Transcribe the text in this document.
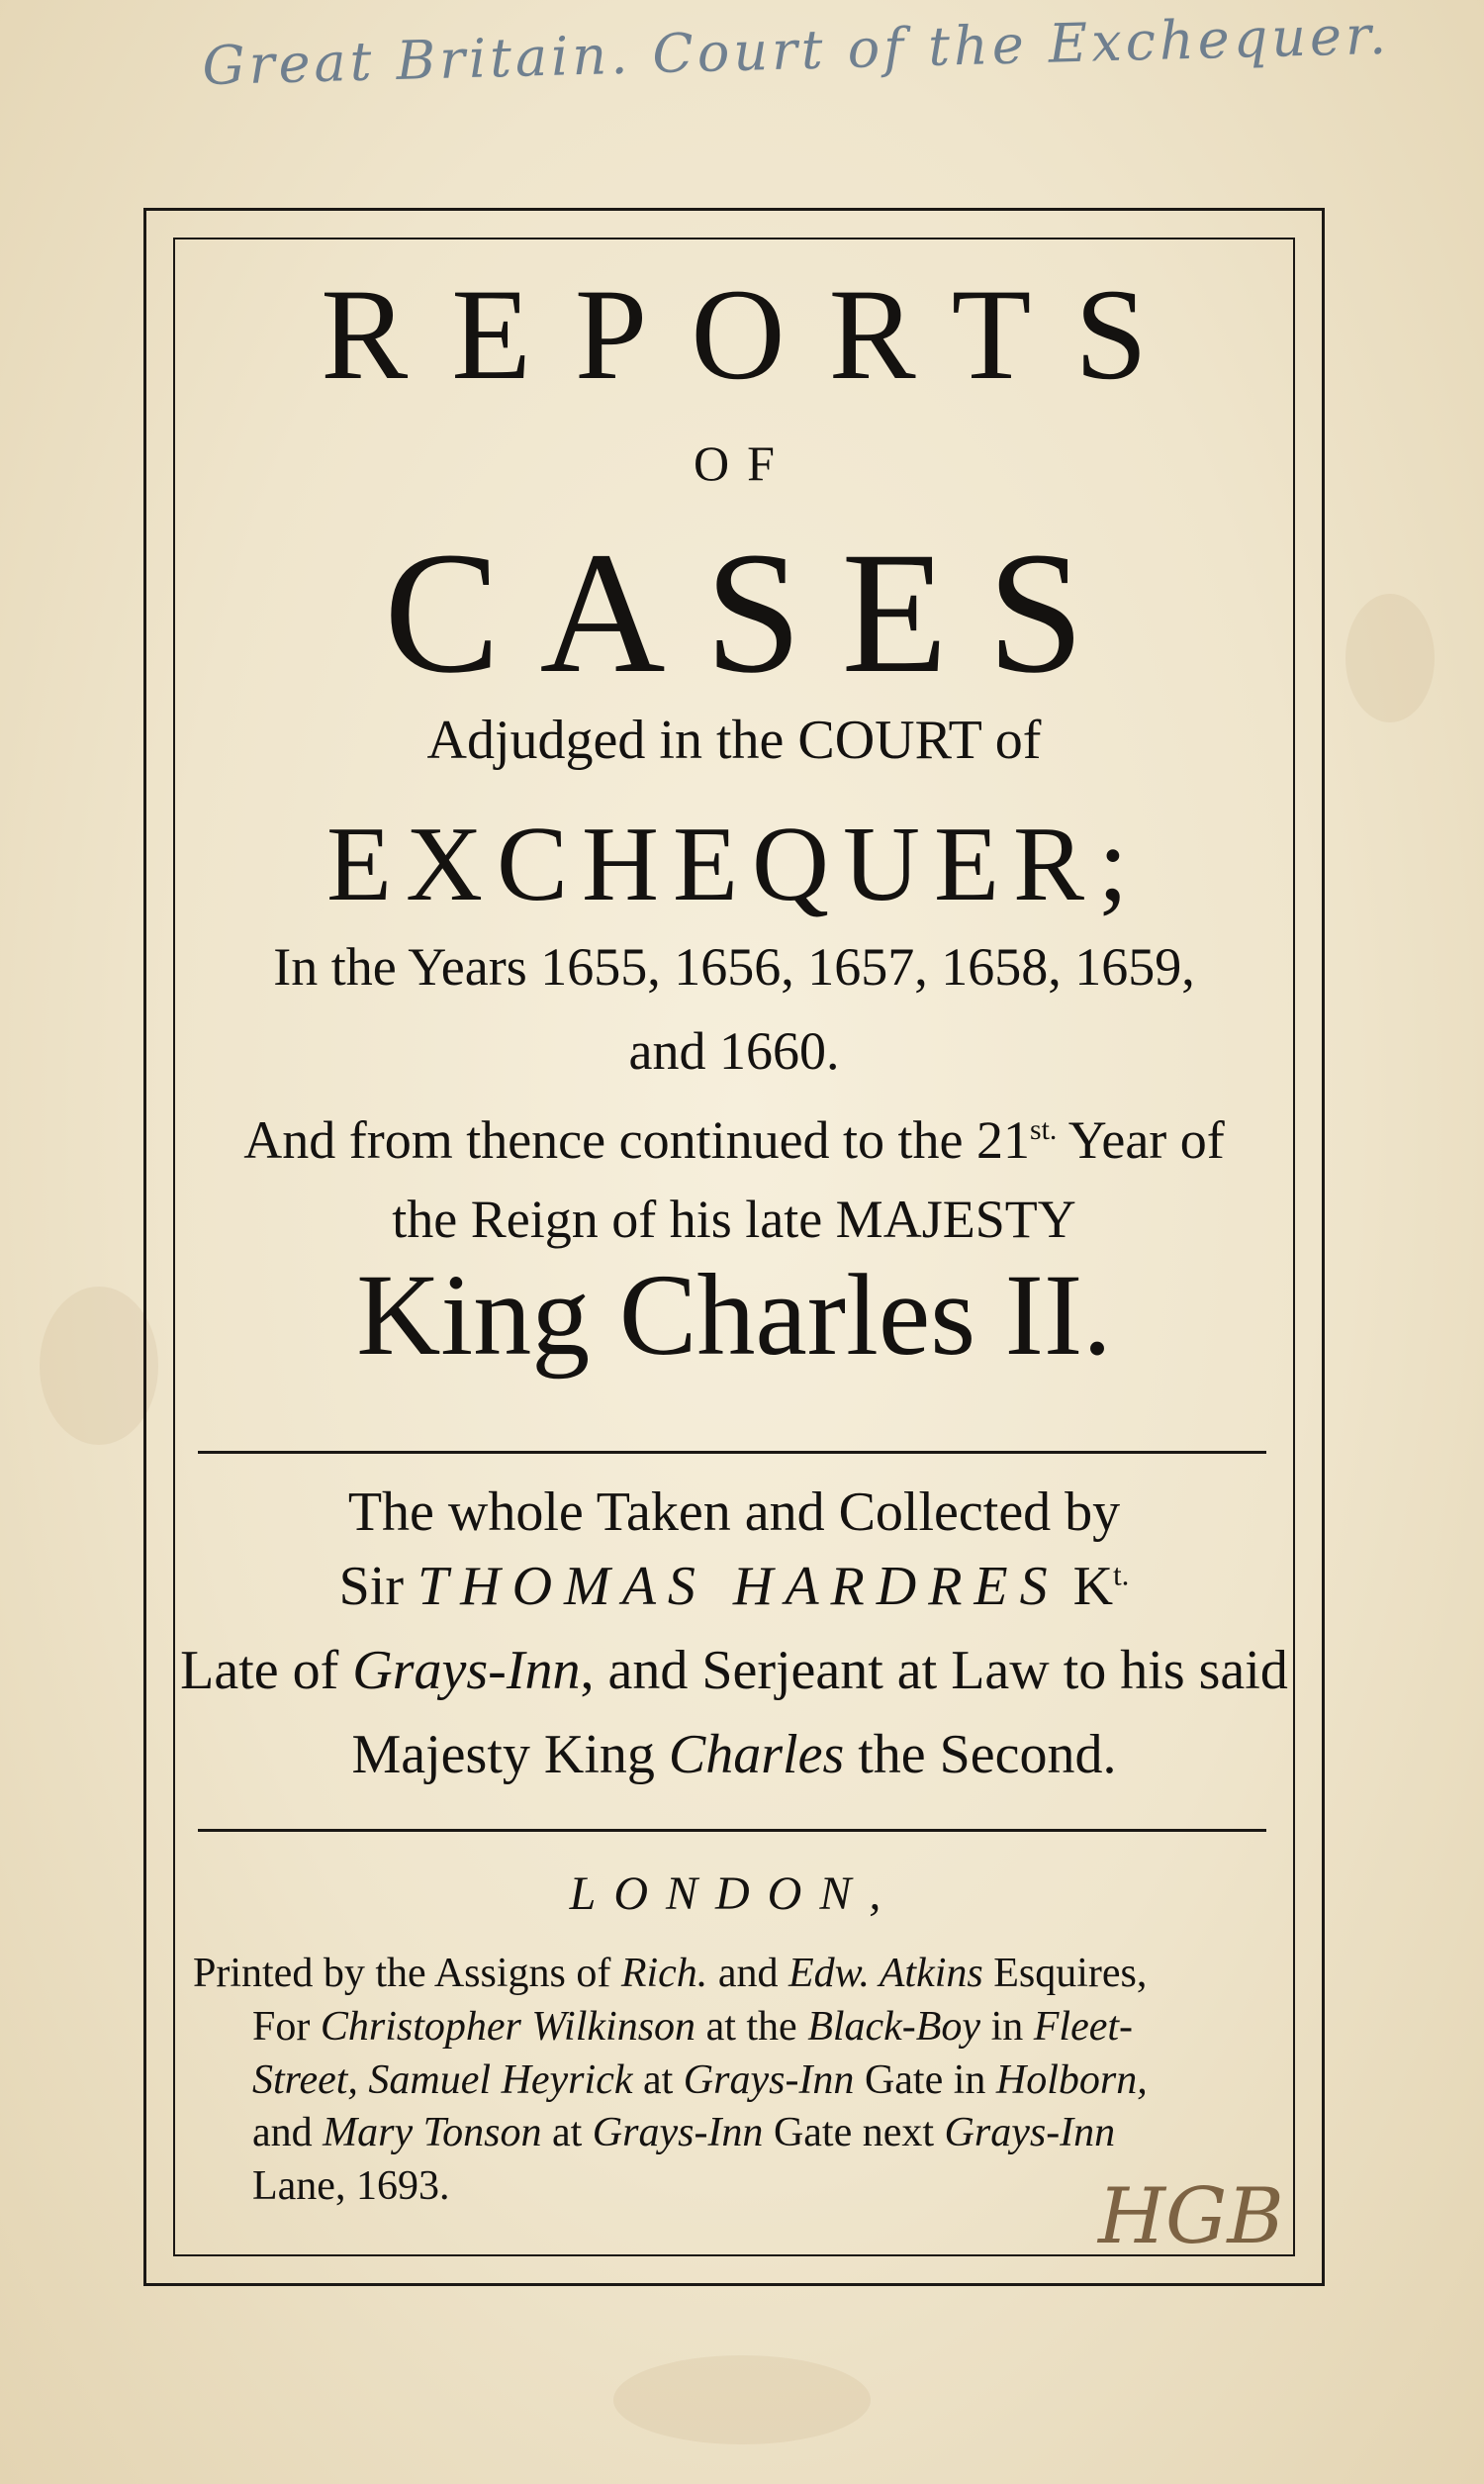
Great Britain. Court of the Exchequer.
REPORTS
OF
CASES
Adjudged in the COURT of
EXCHEQUER;
In the Years 1655, 1656, 1657, 1658, 1659,
and 1660.
And from thence continued to the $21^{st.}$ Year of
the Reign of his late MAJESTY
King Charles II.
The whole Taken and Collected by
Sir THOMAS HARDRES $K^{t.}$
Late of Grays-Inn, and Serjeant at Law to his said
Majesty King Charles the Second.
LONDON,
Printed by the Assigns of Rich. and Edw. Atkins Esquires,
For Christopher Wilkinson at the Black-Boy in Fleet-
Street, Samuel Heyrick at Grays-Inn Gate in Holborn,
and Mary Tonson at Grays-Inn Gate next Grays-Inn
Lane, 1693.	HGB
